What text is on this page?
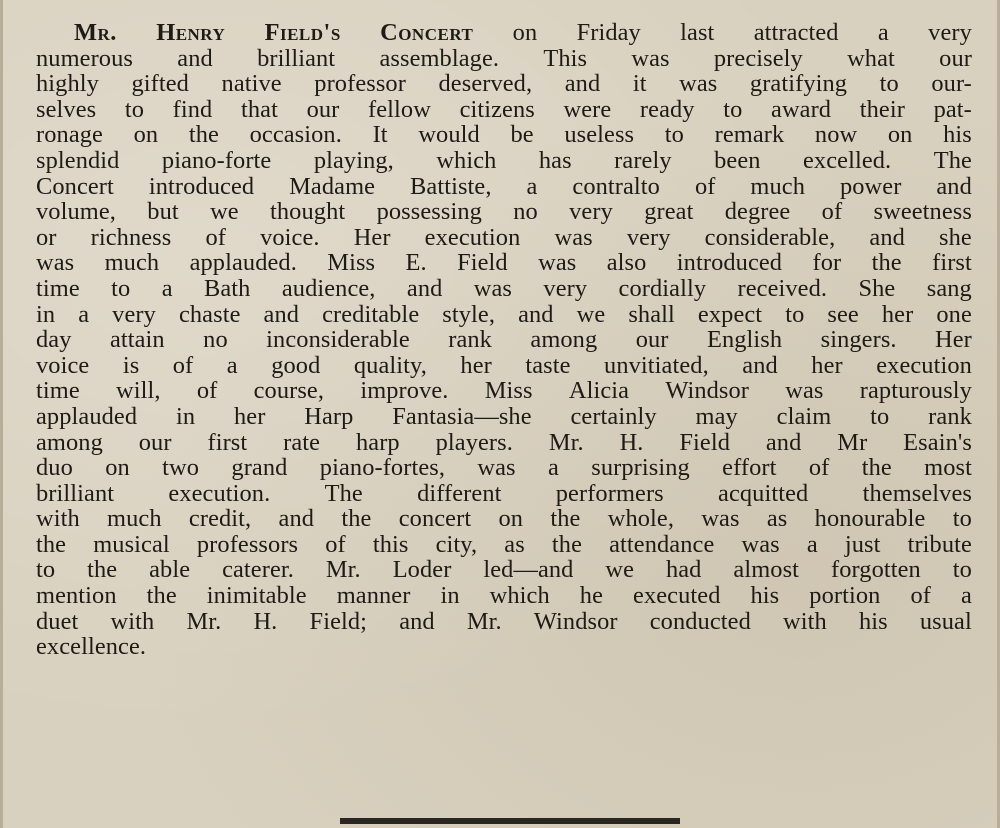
Mr. Henry Field's Concert on Friday last attracted a very
numerous and brilliant assemblage. This was precisely what our
highly gifted native professor deserved, and it was gratifying to our-
selves to find that our fellow citizens were ready to award their pat-
ronage on the occasion. It would be useless to remark now on his
splendid piano-forte playing, which has rarely been excelled. The
Concert introduced Madame Battiste, a contralto of much power and
volume, but we thought possessing no very great degree of sweetness
or richness of voice. Her execution was very considerable, and she
was much applauded. Miss E. Field was also introduced for the first
time to a Bath audience, and was very cordially received. She sang
in a very chaste and creditable style, and we shall expect to see her one
day attain no inconsiderable rank among our English singers. Her
voice is of a good quality, her taste unvitiated, and her execution
time will, of course, improve. Miss Alicia Windsor was rapturously
applauded in her Harp Fantasia—she certainly may claim to rank
among our first rate harp players. Mr. H. Field and Mr Esain's
duo on two grand piano-fortes, was a surprising effort of the most
brilliant execution. The different performers acquitted themselves
with much credit, and the concert on the whole, was as honourable to
the musical professors of this city, as the attendance was a just tribute
to the able caterer. Mr. Loder led—and we had almost forgotten to
mention the inimitable manner in which he executed his portion of a
duet with Mr. H. Field; and Mr. Windsor conducted with his usual
excellence.
